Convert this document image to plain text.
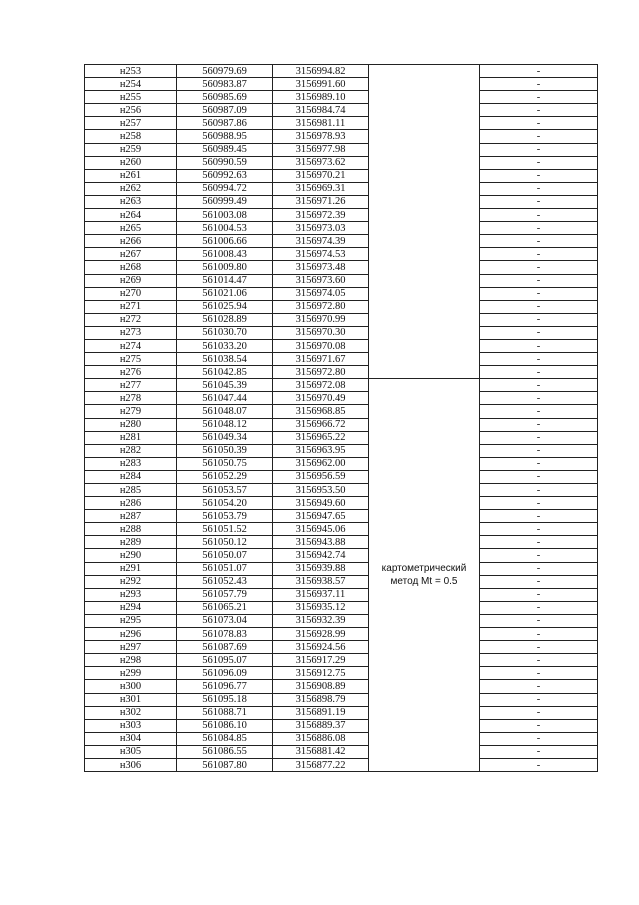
н253	560979.69	3156994.82		-
н254	560983.87	3156991.60		-
н255	560985.69	3156989.10		-
н256	560987.09	3156984.74		-
н257	560987.86	3156981.11		-
н258	560988.95	3156978.93		-
н259	560989.45	3156977.98		-
н260	560990.59	3156973.62		-
н261	560992.63	3156970.21		-
н262	560994.72	3156969.31		-
н263	560999.49	3156971.26		-
н264	561003.08	3156972.39		-
н265	561004.53	3156973.03		-
н266	561006.66	3156974.39		-
н267	561008.43	3156974.53		-
н268	561009.80	3156973.48		-
н269	561014.47	3156973.60		-
н270	561021.06	3156974.05		-
н271	561025.94	3156972.80		-
н272	561028.89	3156970.99		-
н273	561030.70	3156970.30		-
н274	561033.20	3156970.08		-
н275	561038.54	3156971.67		-
н276	561042.85	3156972.80		-
н277	561045.39	3156972.08	картометрический метод Mt = 0.5	-
н278	561047.44	3156970.49		-
н279	561048.07	3156968.85		-
н280	561048.12	3156966.72		-
н281	561049.34	3156965.22		-
н282	561050.39	3156963.95		-
н283	561050.75	3156962.00		-
н284	561052.29	3156956.59		-
н285	561053.57	3156953.50		-
н286	561054.20	3156949.60		-
н287	561053.79	3156947.65		-
н288	561051.52	3156945.06		-
н289	561050.12	3156943.88		-
н290	561050.07	3156942.74		-
н291	561051.07	3156939.88		-
н292	561052.43	3156938.57		-
н293	561057.79	3156937.11		-
н294	561065.21	3156935.12		-
н295	561073.04	3156932.39		-
н296	561078.83	3156928.99		-
н297	561087.69	3156924.56		-
н298	561095.07	3156917.29		-
н299	561096.09	3156912.75		-
н300	561096.77	3156908.89		-
н301	561095.18	3156898.79		-
н302	561088.71	3156891.19		-
н303	561086.10	3156889.37		-
н304	561084.85	3156886.08		-
н305	561086.55	3156881.42		-
н306	561087.80	3156877.22		-
